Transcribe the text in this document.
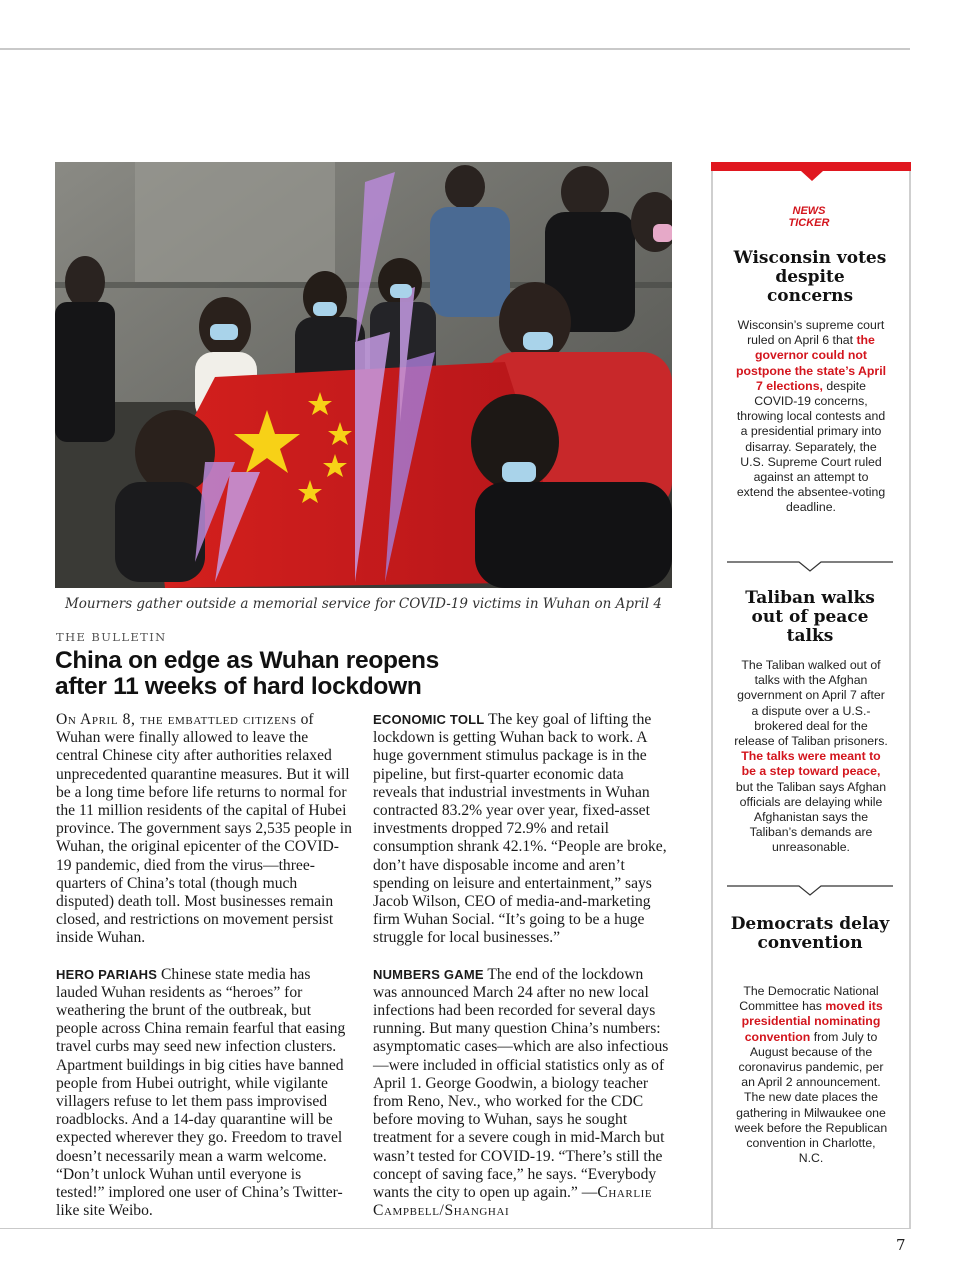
Mourners gather outside a memorial service for COVID-19 victims in Wuhan on April 4
THE BULLETIN
China on edge as Wuhan reopens after 11 weeks of hard lockdown

On April 8, the embattled citizens of Wuhan were finally allowed to leave the central Chinese city after authorities relaxed unprecedented quarantine measures. But it will be a long time before life returns to normal for the 11 million residents of the capital of Hubei province. The government says 2,535 people in Wuhan, the original epicenter of the COVID-19 pandemic, died from the virus—three-quarters of China’s total (though much disputed) death toll. Most businesses remain closed, and restrictions on movement persist inside Wuhan.

HERO PARIAHS Chinese state media has lauded Wuhan residents as “heroes” for weathering the brunt of the outbreak, but people across China remain fearful that easing travel curbs may seed new infection clusters. Apartment buildings in big cities have banned people from Hubei outright, while vigilante villagers refuse to let them pass improvised roadblocks. And a 14-day quarantine will be expected wherever they go. Freedom to travel doesn’t necessarily mean a warm welcome. “Don’t unlock Wuhan until everyone is tested!” implored one user of China’s Twitter-like site Weibo.

ECONOMIC TOLL The key goal of lifting the lockdown is getting Wuhan back to work. A huge government stimulus package is in the pipeline, but first-quarter economic data reveals that industrial investments in Wuhan contracted 83.2% year over year, fixed-asset investments dropped 72.9% and retail consumption shrank 42.1%. “People are broke, don’t have disposable income and aren’t spending on leisure and entertainment,” says Jacob Wilson, CEO of media-and-marketing firm Wuhan Social. “It’s going to be a huge struggle for local businesses.”

NUMBERS GAME The end of the lockdown was announced March 24 after no new local infections had been recorded for several days running. But many question China’s numbers: asymptomatic cases—which are also infectious—were included in official statistics only as of April 1. George Goodwin, a biology teacher from Reno, Nev., who worked for the CDC before moving to Wuhan, says he sought treatment for a severe cough in mid-March but wasn’t tested for COVID-19. “There’s still the concept of saving face,” he says. “Everybody wants the city to open up again.” —Charlie Campbell/Shanghai

NEWS
TICKER
Wisconsin votes despite concerns
Wisconsin’s supreme court ruled on April 6 that the governor could not postpone the state’s April 7 elections, despite COVID-19 concerns, throwing local contests and a presidential primary into disarray. Separately, the U.S. Supreme Court ruled against an attempt to extend the absentee-voting deadline.
Taliban walks out of peace talks
The Taliban walked out of talks with the Afghan government on April 7 after a dispute over a U.S.-brokered deal for the release of Taliban prisoners. The talks were meant to be a step toward peace, but the Taliban says Afghan officials are delaying while Afghanistan says the Taliban’s demands are unreasonable.
Democrats delay convention
The Democratic National Committee has moved its presidential nominating convention from July to August because of the coronavirus pandemic, per an April 2 announcement. The new date places the gathering in Milwaukee one week before the Republican convention in Charlotte, N.C.
7
